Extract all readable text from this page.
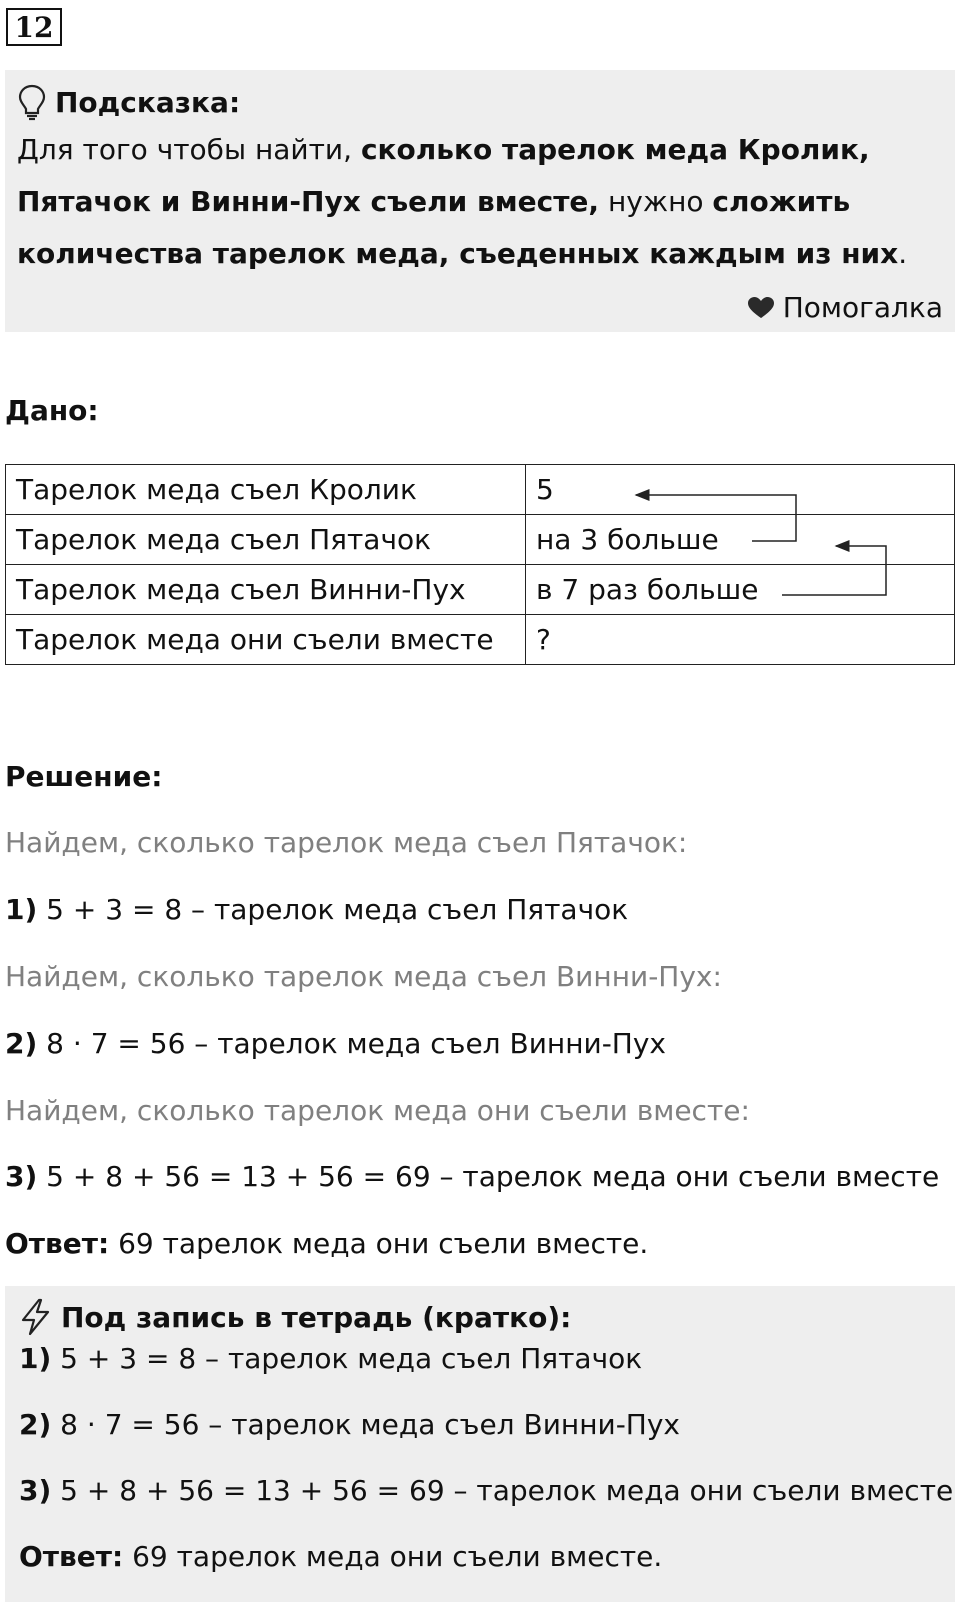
12
Подсказка:

Для того чтобы найти, сколько тарелок меда Кролик,
Пятачок и Винни-Пух съели вместе, нужно сложить
количества тарелок меда, съеденных каждым из них.

Помогалка
Дано:
Тарелок меда съел Кролик	5
Тарелок меда съел Пятачок	на 3 больше
Тарелок меда съел Винни-Пух	в 7 раз больше
Тарелок меда они съели вместе	?
Решение:
Найдем, сколько тарелок меда съел Пятачок:
1) 5 + 3 = 8 – тарелок меда съел Пятачок
Найдем, сколько тарелок меда съел Винни-Пух:
2) 8 · 7 = 56 – тарелок меда съел Винни-Пух
Найдем, сколько тарелок меда они съели вместе:
3) 5 + 8 + 56 = 13 + 56 = 69 – тарелок меда они съели вместе
Ответ: 69 тарелок меда они съели вместе.
Под запись в тетрадь (кратко):
1) 5 + 3 = 8 – тарелок меда съел Пятачок
2) 8 · 7 = 56 – тарелок меда съел Винни-Пух
3) 5 + 8 + 56 = 13 + 56 = 69 – тарелок меда они съели вместе
Ответ: 69 тарелок меда они съели вместе.
